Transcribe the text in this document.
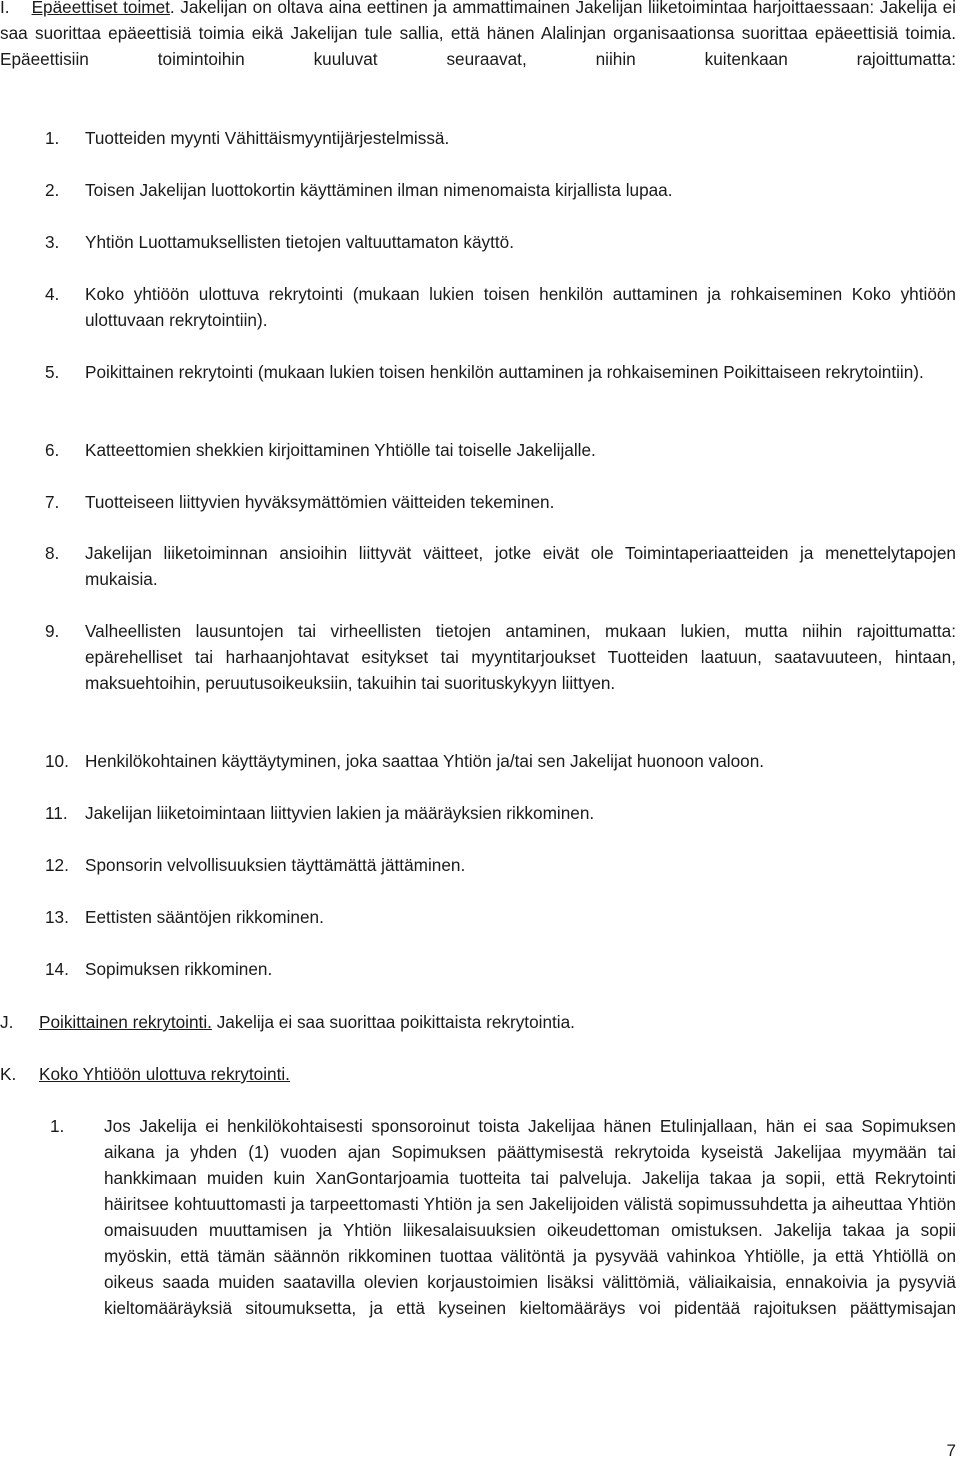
I. Epäeettiset toimet. Jakelijan on oltava aina eettinen ja ammattimainen Jakelijan liiketoimintaa harjoittaessaan: Jakelija ei saa suorittaa epäeettisiä toimia eikä Jakelijan tule sallia, että hänen Alalinjan organisaationsa suorittaa epäeettisiä toimia. Epäeettisiin toimintoihin kuuluvat seuraavat, niihin kuitenkaan rajoittumatta:
1. Tuotteiden myynti Vähittäismyyntijärjestelmissä.
2. Toisen Jakelijan luottokortin käyttäminen ilman nimenomaista kirjallista lupaa.
3. Yhtiön Luottamuksellisten tietojen valtuuttamaton käyttö.
4. Koko yhtiöön ulottuva rekrytointi (mukaan lukien toisen henkilön auttaminen ja rohkaiseminen Koko yhtiöön ulottuvaan rekrytointiin).
5. Poikittainen rekrytointi (mukaan lukien toisen henkilön auttaminen ja rohkaiseminen Poikittaiseen rekrytointiin).
6. Katteettomien shekkien kirjoittaminen Yhtiölle tai toiselle Jakelijalle.
7. Tuotteiseen liittyvien hyväksymättömien väitteiden tekeminen.
8. Jakelijan liiketoiminnan ansioihin liittyvät väitteet, jotke eivät ole Toimintaperiaatteiden ja menettelytapojen mukaisia.
9. Valheellisten lausuntojen tai virheellisten tietojen antaminen, mukaan lukien, mutta niihin rajoittumatta: epärehelliset tai harhaanjohtavat esitykset tai myyntitarjoukset Tuotteiden laatuun, saatavuuteen, hintaan, maksuehtoihin, peruutusoikeuksiin, takuihin tai suorituskykyyn liittyen.
10. Henkilökohtainen käyttäytyminen, joka saattaa Yhtiön ja/tai sen Jakelijat huonoon valoon.
11. Jakelijan liiketoimintaan liittyvien lakien ja määräyksien rikkominen.
12. Sponsorin velvollisuuksien täyttämättä jättäminen.
13. Eettisten sääntöjen rikkominen.
14. Sopimuksen rikkominen.
J. Poikittainen rekrytointi. Jakelija ei saa suorittaa poikittaista rekrytointia.
K. Koko Yhtiöön ulottuva rekrytointi.
1. Jos Jakelija ei henkilökohtaisesti sponsoroinut toista Jakelijaa hänen Etulinjallaan, hän ei saa Sopimuksen aikana ja yhden (1) vuoden ajan Sopimuksen päättymisestä rekrytoida kyseistä Jakelijaa myymään tai hankkimaan muiden kuin XanGontarjoamia tuotteita tai palveluja. Jakelija takaa ja sopii, että Rekrytointi häiritsee kohtuuttomasti ja tarpeettomasti Yhtiön ja sen Jakelijoiden välistä sopimussuhdetta ja aiheuttaa Yhtiön omaisuuden muuttamisen ja Yhtiön liikesalaisuuksien oikeudettoman omistuksen. Jakelija takaa ja sopii myöskin, että tämän säännön rikkominen tuottaa välitöntä ja pysyvää vahinkoa Yhtiölle, ja että Yhtiöllä on oikeus saada muiden saatavilla olevien korjaustoimien lisäksi välittömiä, väliaikaisia, ennakoivia ja pysyviä kieltomääräyksiä sitoumuksetta, ja että kyseinen kieltomääräys voi pidentää rajoituksen päättymisajan
7
